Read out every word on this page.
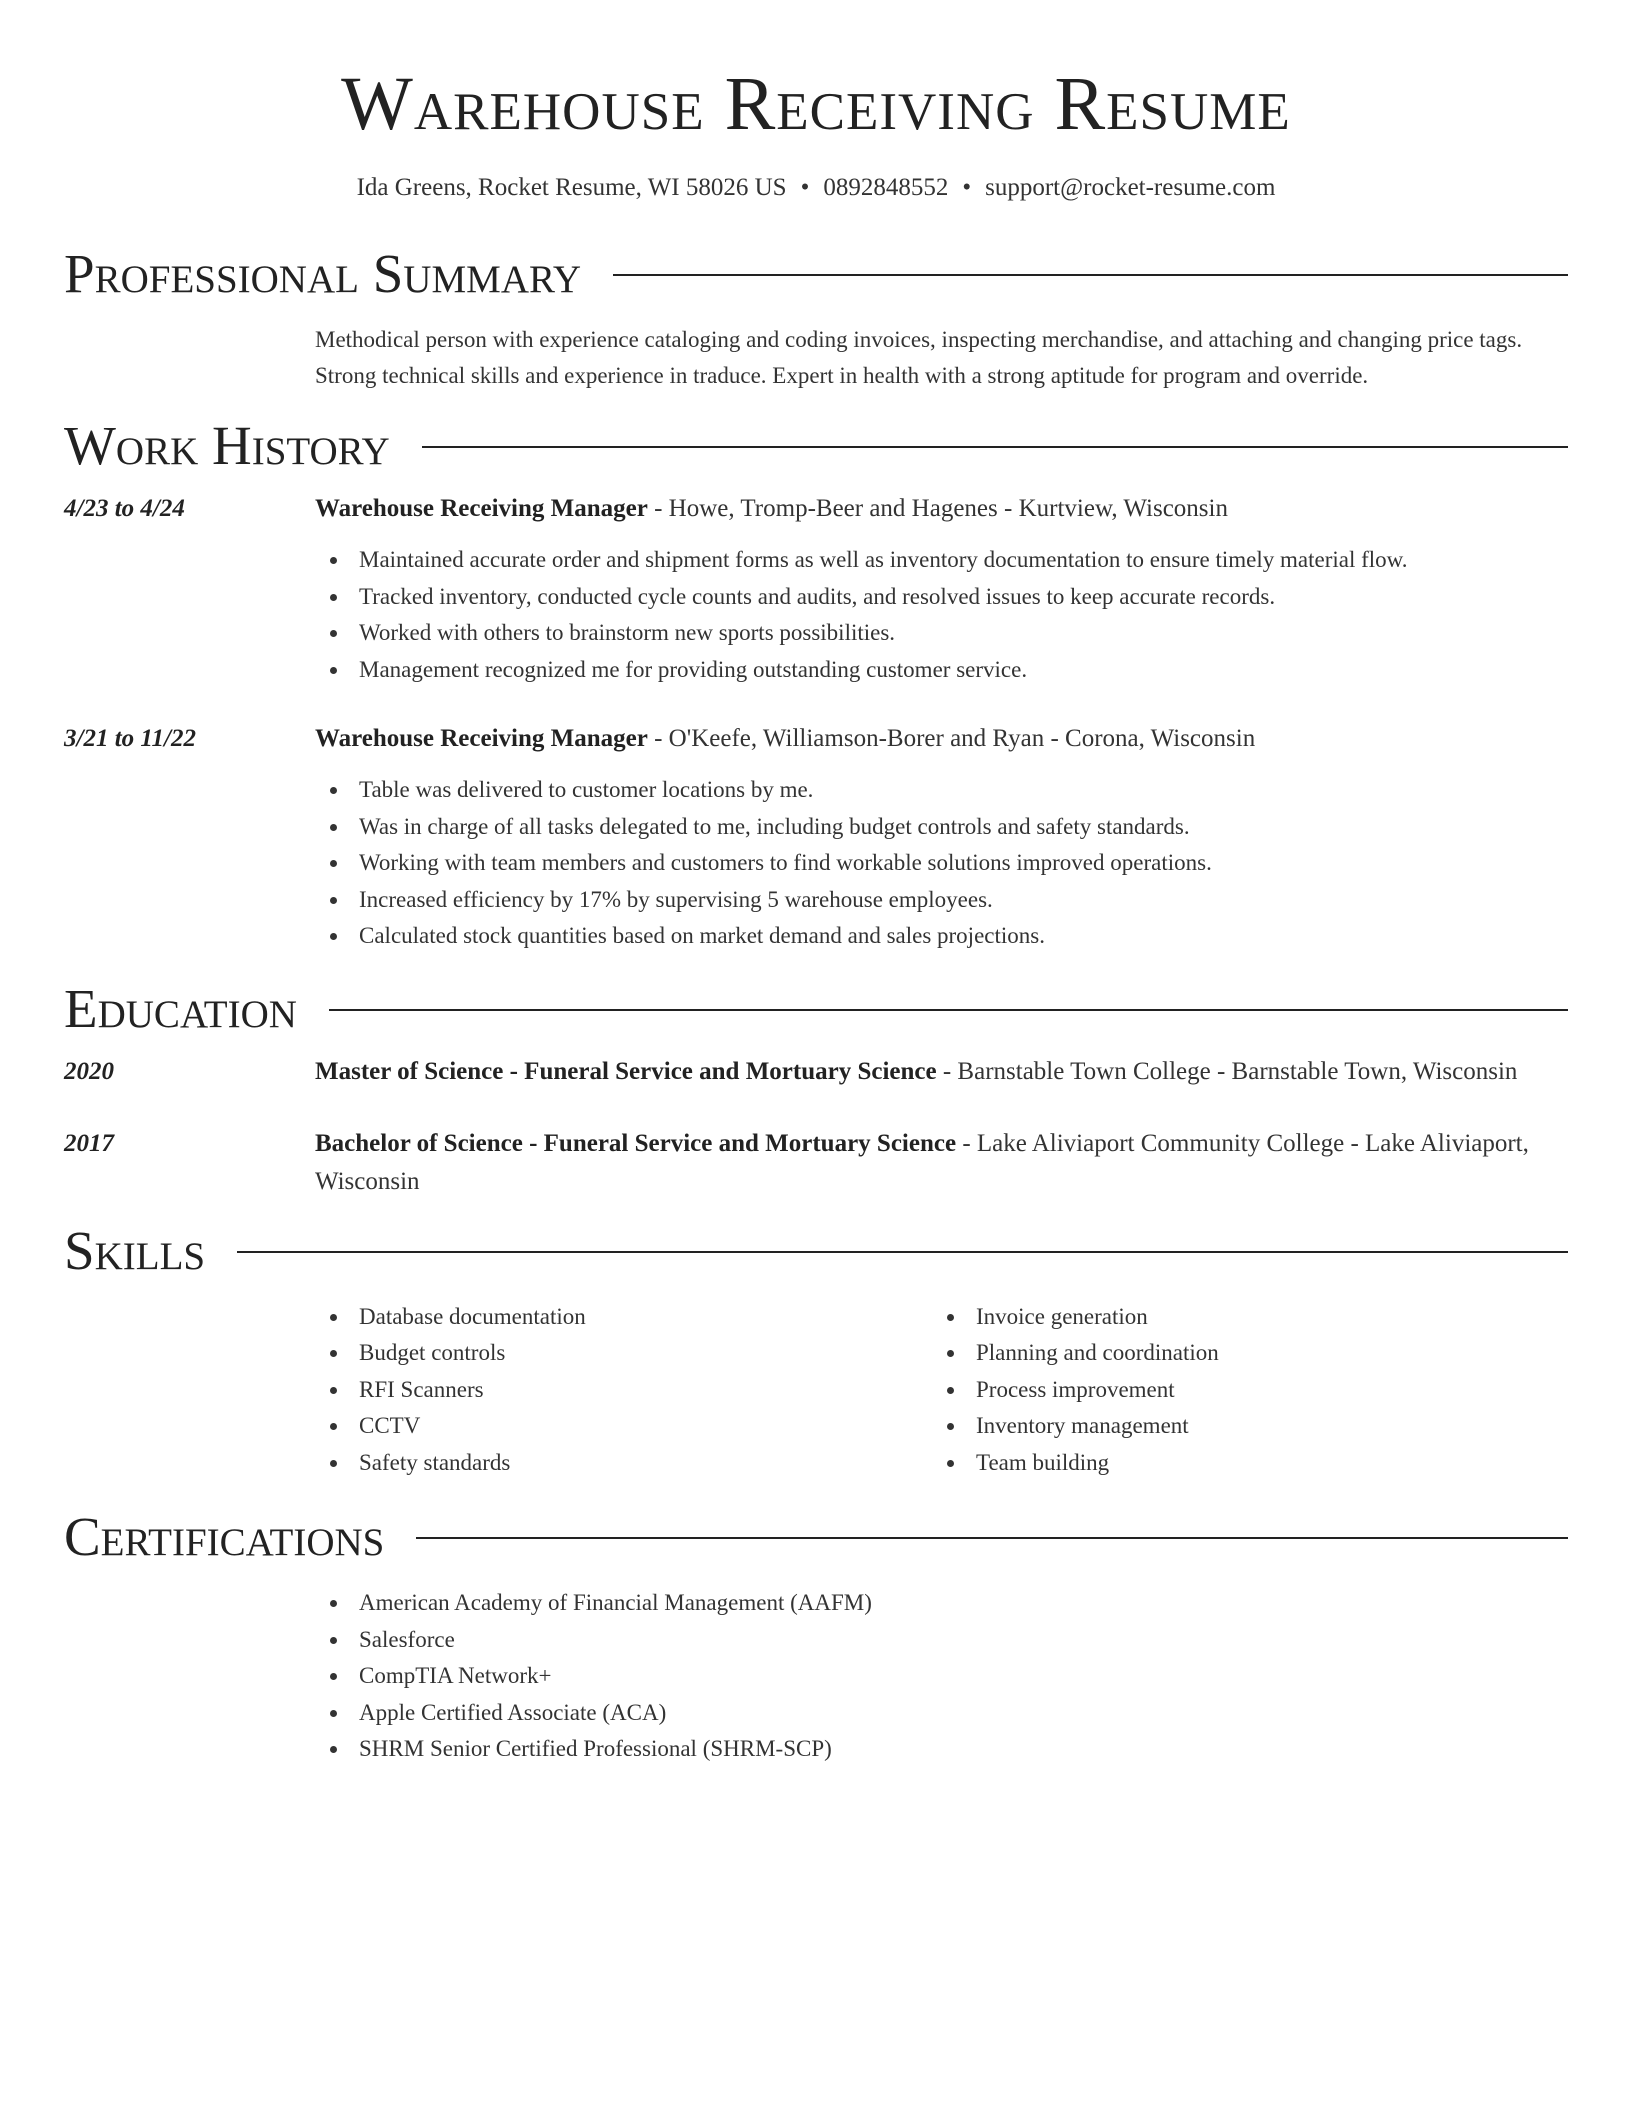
Warehouse Receiving Resume
Ida Greens, Rocket Resume, WI 58026 US • 0892848552 • support@rocket-resume.com
Professional Summary
Methodical person with experience cataloging and coding invoices, inspecting merchandise, and attaching and changing price tags. Strong technical skills and experience in traduce. Expert in health with a strong aptitude for program and override.
Work History
4/23 to 4/24	Warehouse Receiving Manager - Howe, Tromp-Beer and Hagenes - Kurtview, Wisconsin
Maintained accurate order and shipment forms as well as inventory documentation to ensure timely material flow.
Tracked inventory, conducted cycle counts and audits, and resolved issues to keep accurate records.
Worked with others to brainstorm new sports possibilities.
Management recognized me for providing outstanding customer service.
3/21 to 11/22	Warehouse Receiving Manager - O'Keefe, Williamson-Borer and Ryan - Corona, Wisconsin
Table was delivered to customer locations by me.
Was in charge of all tasks delegated to me, including budget controls and safety standards.
Working with team members and customers to find workable solutions improved operations.
Increased efficiency by 17% by supervising 5 warehouse employees.
Calculated stock quantities based on market demand and sales projections.
Education
2020	Master of Science - Funeral Service and Mortuary Science - Barnstable Town College - Barnstable Town, Wisconsin
2017	Bachelor of Science - Funeral Service and Mortuary Science - Lake Aliviaport Community College - Lake Aliviaport, Wisconsin
Skills
Database documentation
Budget controls
RFI Scanners
CCTV
Safety standards
Invoice generation
Planning and coordination
Process improvement
Inventory management
Team building
Certifications
American Academy of Financial Management (AAFM)
Salesforce
CompTIA Network+
Apple Certified Associate (ACA)
SHRM Senior Certified Professional (SHRM-SCP)
